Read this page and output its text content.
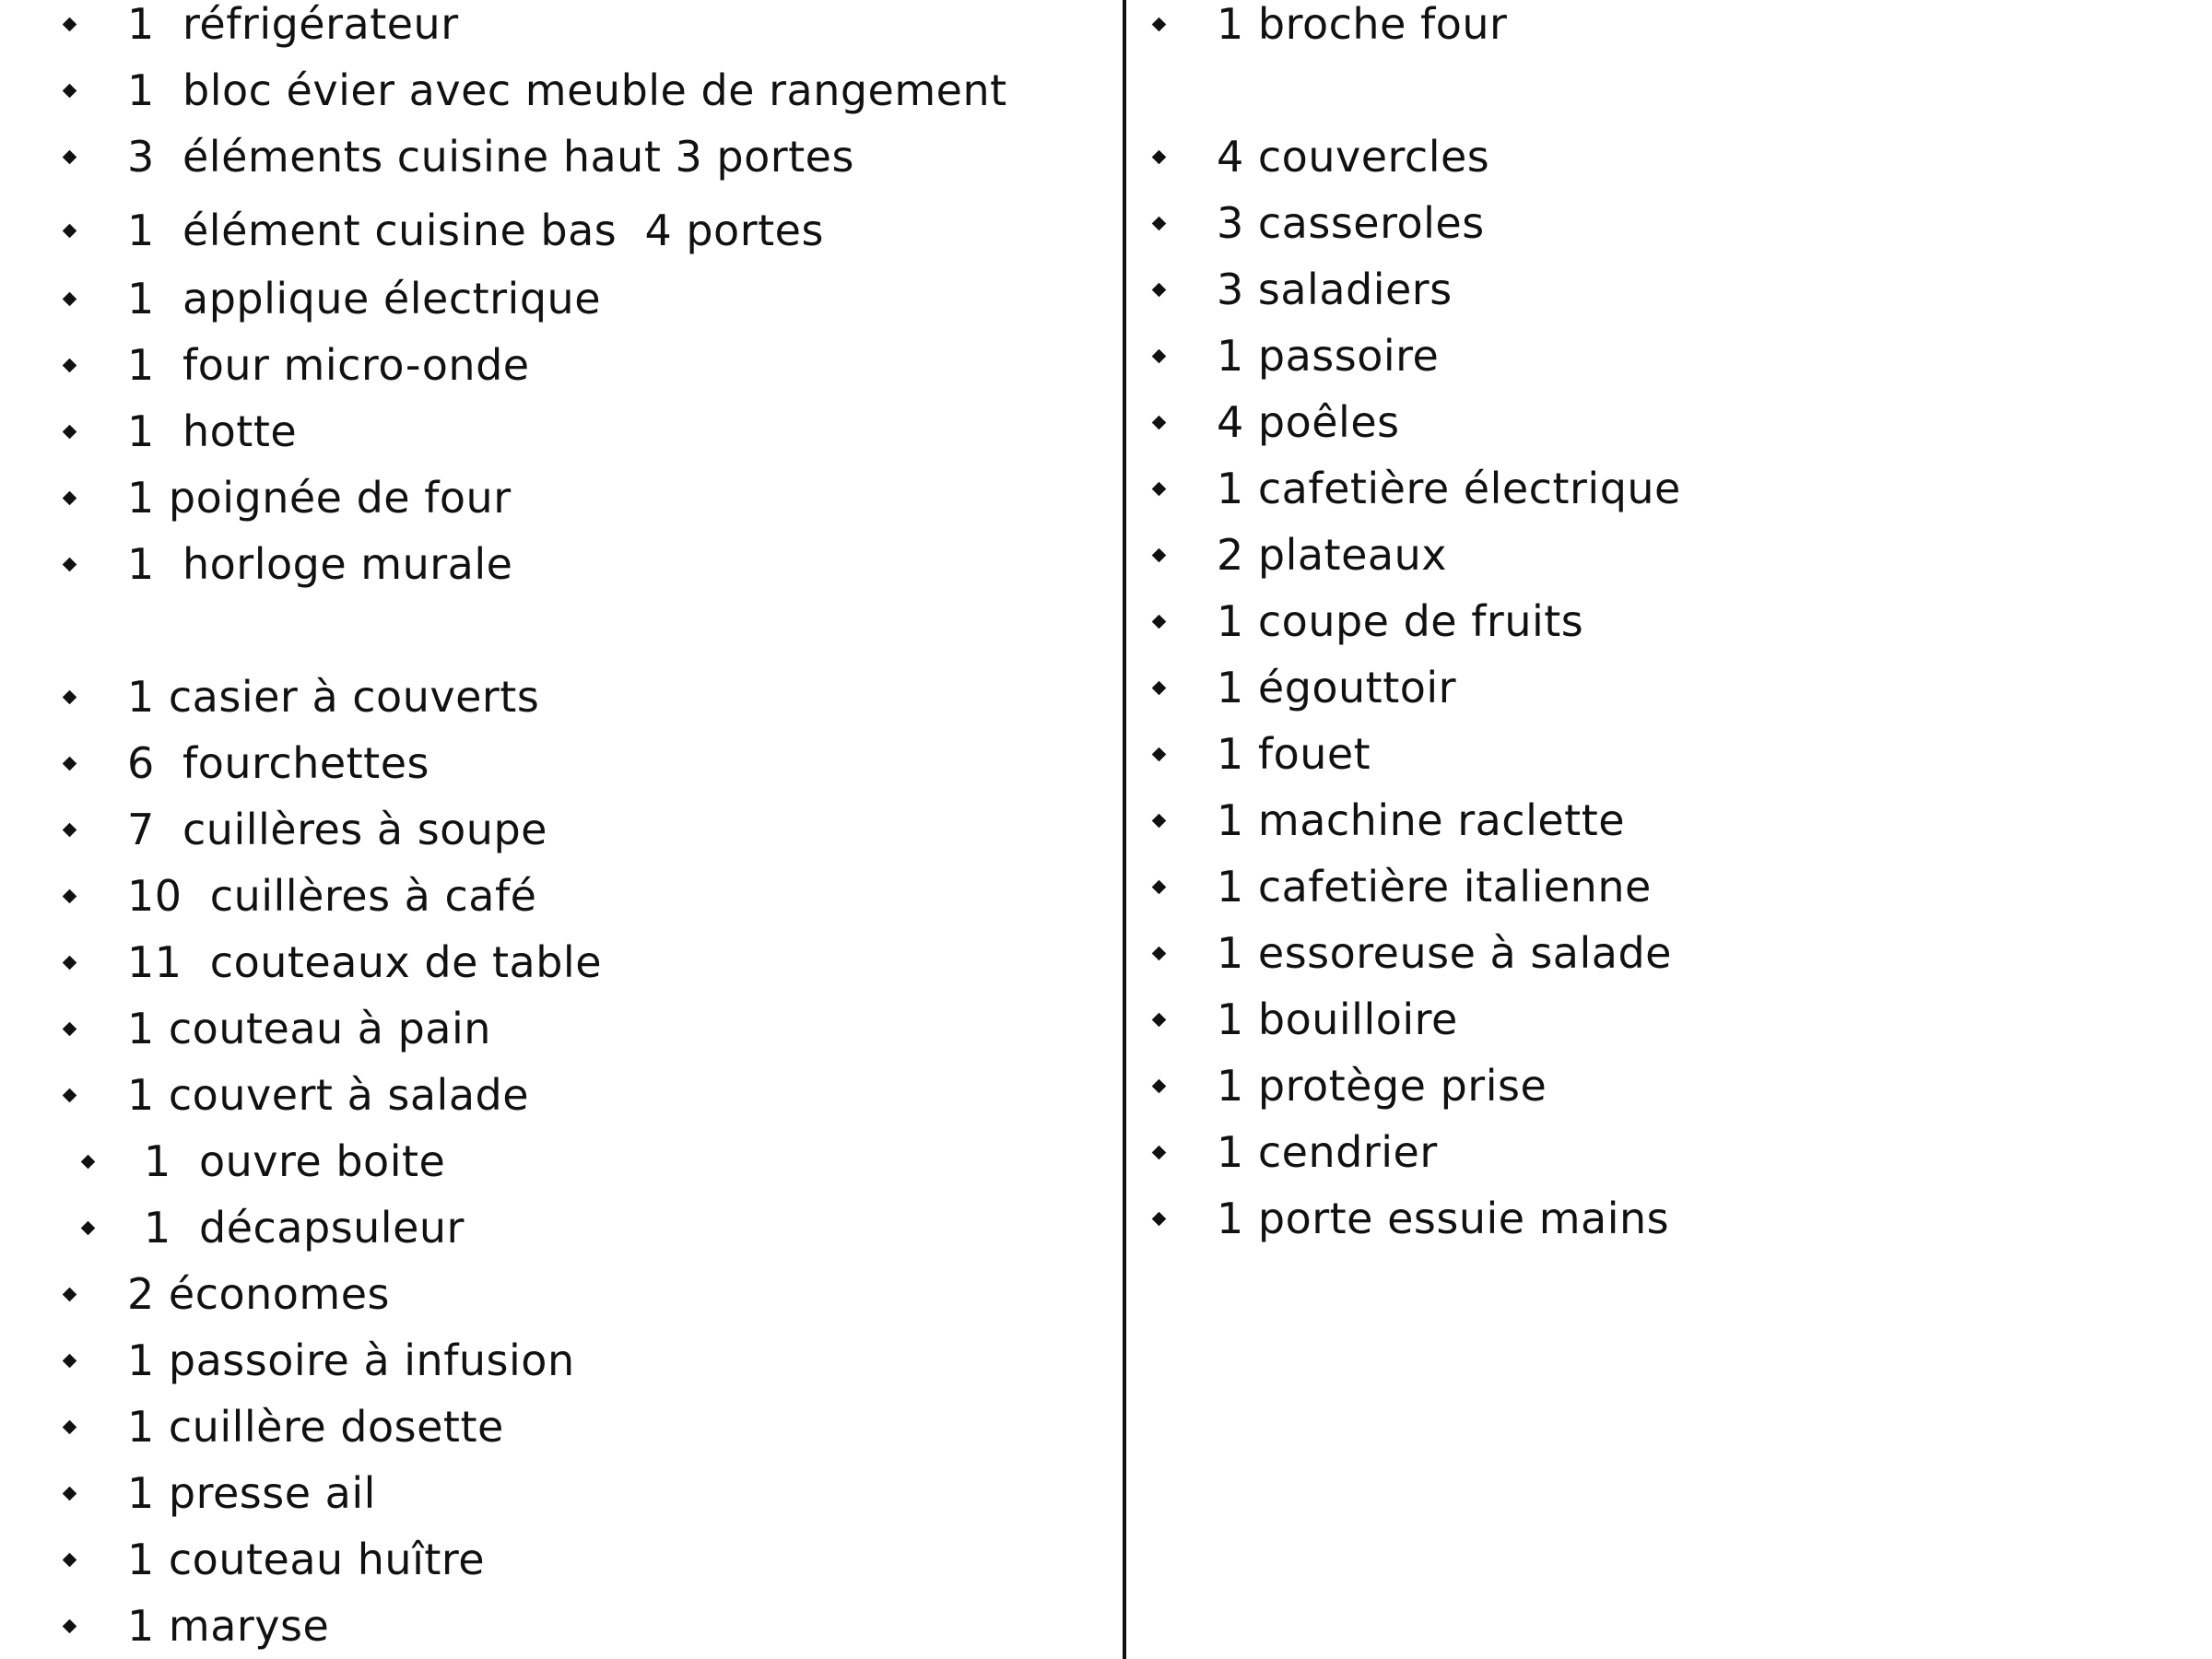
1  réfrigérateur
1  bloc évier avec meuble de rangement
3  éléments cuisine haut 3 portes
1  élément cuisine bas  4 portes
1  applique électrique
1  four micro-onde
1  hotte
1 poignée de four
1  horloge murale
1 casier à couverts
6  fourchettes
7  cuillères à soupe
10  cuillères à café
11  couteaux de table
1 couteau à pain
1 couvert à salade
1  ouvre boite
1  décapsuleur
2 économes
1 passoire à infusion
1 cuillère dosette
1 presse ail
1 couteau huître
1 maryse
1 broche four
4 couvercles
3 casseroles
3 saladiers
1 passoire
4 poêles
1 cafetière électrique
2 plateaux
1 coupe de fruits
1 égouttoir
1 fouet
1 machine raclette
1 cafetière italienne
1 essoreuse à salade
1 bouilloire
1 protège prise
1 cendrier
1 porte essuie mains
